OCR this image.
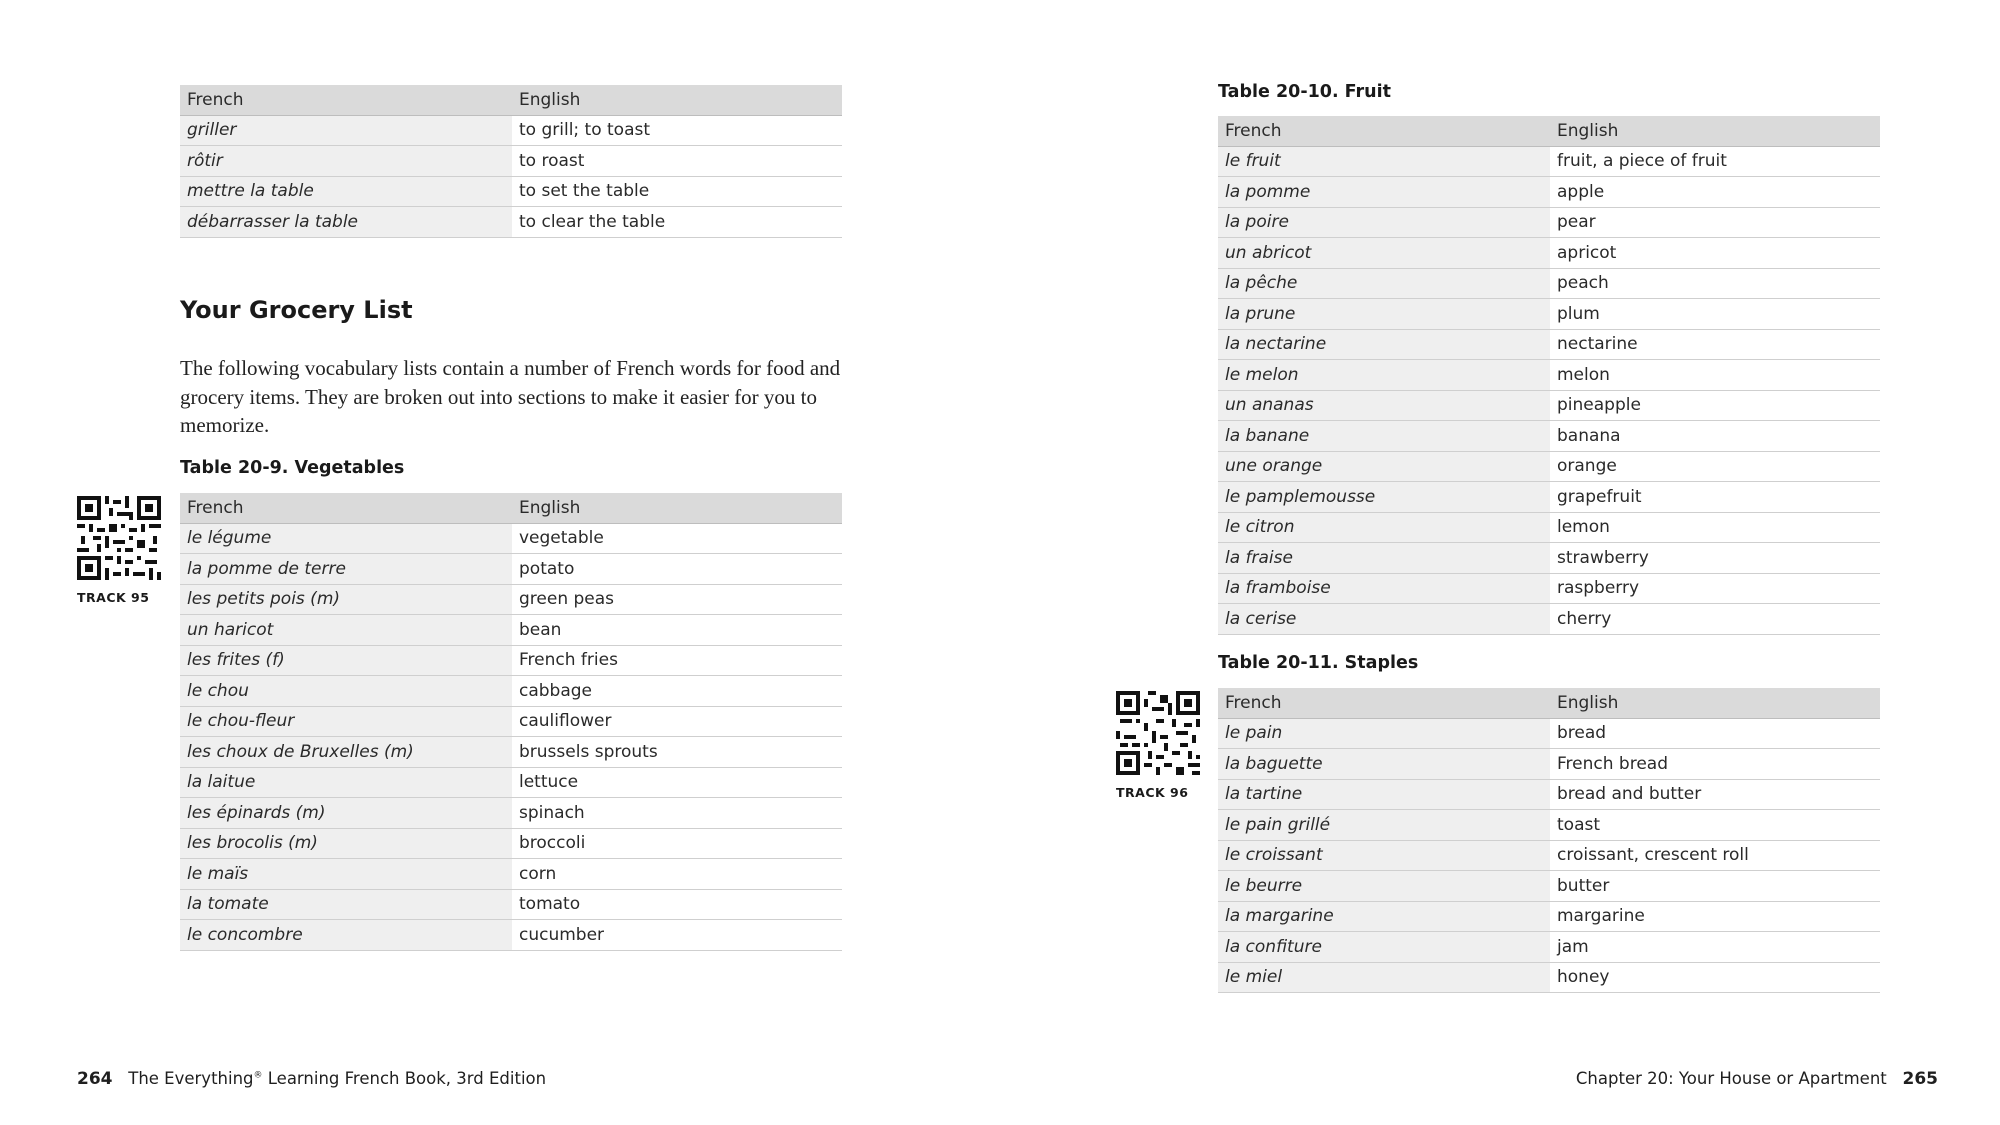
French	English
griller	to grill; to toast
rôtir	to roast
mettre la table	to set the table
débarrasser la table	to clear the table
Your Grocery List
The following vocabulary lists contain a number of French words for food and
grocery items. They are broken out into sections to make it easier for you to
memorize.
Table 20-9. Vegetables
TRACK 95
French	English
le légume	vegetable
la pomme de terre	potato
les petits pois (m)	green peas
un haricot	bean
les frites (f)	French fries
le chou	cabbage
le chou-fleur	cauliflower
les choux de Bruxelles (m)	brussels sprouts
la laitue	lettuce
les épinards (m)	spinach
les brocolis (m)	broccoli
le maïs	corn
la tomate	tomato
le concombre	cucumber
264 The Everything® Learning French Book, 3rd Edition
Table 20-10. Fruit
French	English
le fruit	fruit, a piece of fruit
la pomme	apple
la poire	pear
un abricot	apricot
la pêche	peach
la prune	plum
la nectarine	nectarine
le melon	melon
un ananas	pineapple
la banane	banana
une orange	orange
le pamplemousse	grapefruit
le citron	lemon
la fraise	strawberry
la framboise	raspberry
la cerise	cherry
Table 20-11. Staples
TRACK 96
French	English
le pain	bread
la baguette	French bread
la tartine	bread and butter
le pain grillé	toast
le croissant	croissant, crescent roll
le beurre	butter
la margarine	margarine
la confiture	jam
le miel	honey
Chapter 20: Your House or Apartment 265
